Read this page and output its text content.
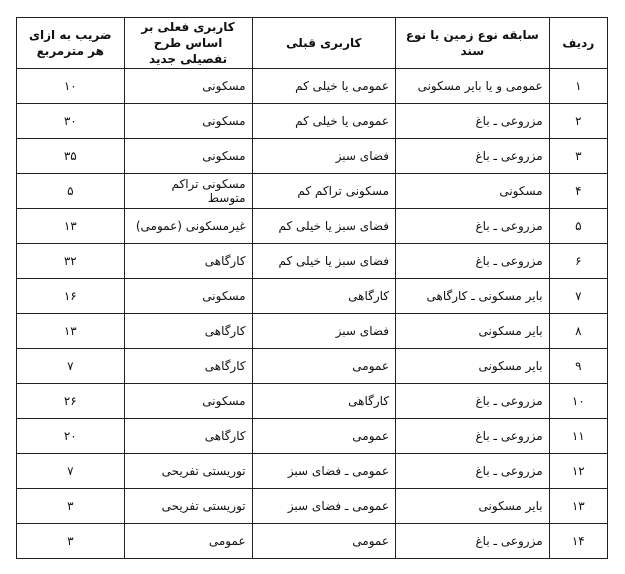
ردیف	سابقه نوع زمین یا نوع سند	کاربری قبلی	کاربری فعلی بر اساس طرح تفصیلی جدید	ضریب به ازای هر مترمربع
۱	عمومی و یا بایر مسکونی	عمومی یا خیلی کم	مسکونی	۱۰
۲	مزروعی ـ باغ	عمومی یا خیلی کم	مسکونی	۳۰
۳	مزروعی ـ باغ	فضای سبز	مسکونی	۳۵
۴	مسکونی	مسکونی تراکم کم	مسکونی تراکم متوسط	۵
۵	مزروعی ـ باغ	فضای سبز یا خیلی کم	غیرمسکونی (عمومی)	۱۳
۶	مزروعی ـ باغ	فضای سبز یا خیلی کم	کارگاهی	۳۲
۷	بایر مسکونی ـ کارگاهی	کارگاهی	مسکونی	۱۶
۸	بایر مسکونی	فضای سبز	کارگاهی	۱۳
۹	بایر مسکونی	عمومی	کارگاهی	۷
۱۰	مزروعی ـ باغ	کارگاهی	مسکونی	۲۶
۱۱	مزروعی ـ باغ	عمومی	کارگاهی	۲۰
۱۲	مزروعی ـ باغ	عمومی ـ فضای سبز	توریستی تفریحی	۷
۱۳	بایر مسکونی	عمومی ـ فضای سبز	توریستی تفریحی	۳
۱۴	مزروعی ـ باغ	عمومی	عمومی	۳
